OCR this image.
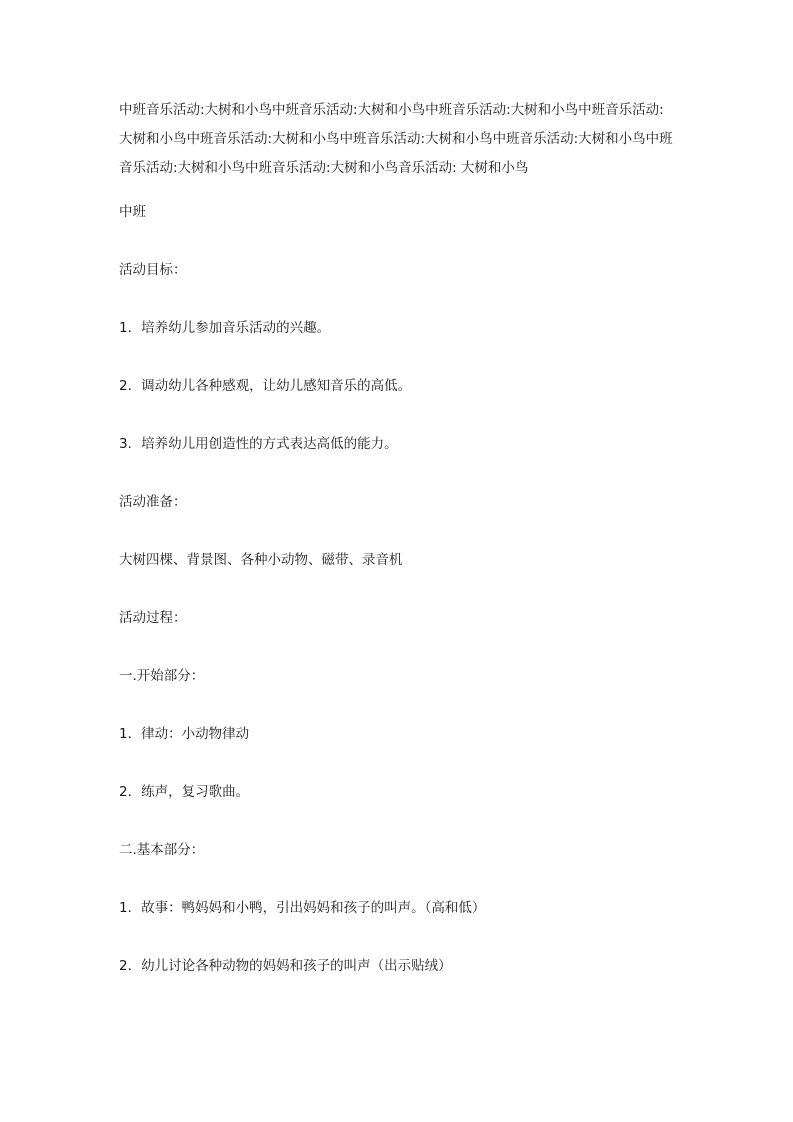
中班音乐活动:大树和小鸟中班音乐活动:大树和小鸟中班音乐活动:大树和小鸟中班音乐活动:大树和小鸟中班音乐活动:大树和小鸟中班音乐活动:大树和小鸟中班音乐活动:大树和小鸟中班音乐活动:大树和小鸟中班音乐活动:大树和小鸟音乐活动: 大树和小鸟

中班

活动目标：

1．培养幼儿参加音乐活动的兴趣。

2．调动幼儿各种感观，让幼儿感知音乐的高低。

3．培养幼儿用创造性的方式表达高低的能力。

活动准备：

大树四棵、背景图、各种小动物、磁带、录音机

活动过程：

一.开始部分：

1．律动：小动物律动

2．练声，复习歌曲。

二.基本部分：

1．故事：鸭妈妈和小鸭，引出妈妈和孩子的叫声。（高和低）

2．幼儿讨论各种动物的妈妈和孩子的叫声（出示贴绒）
